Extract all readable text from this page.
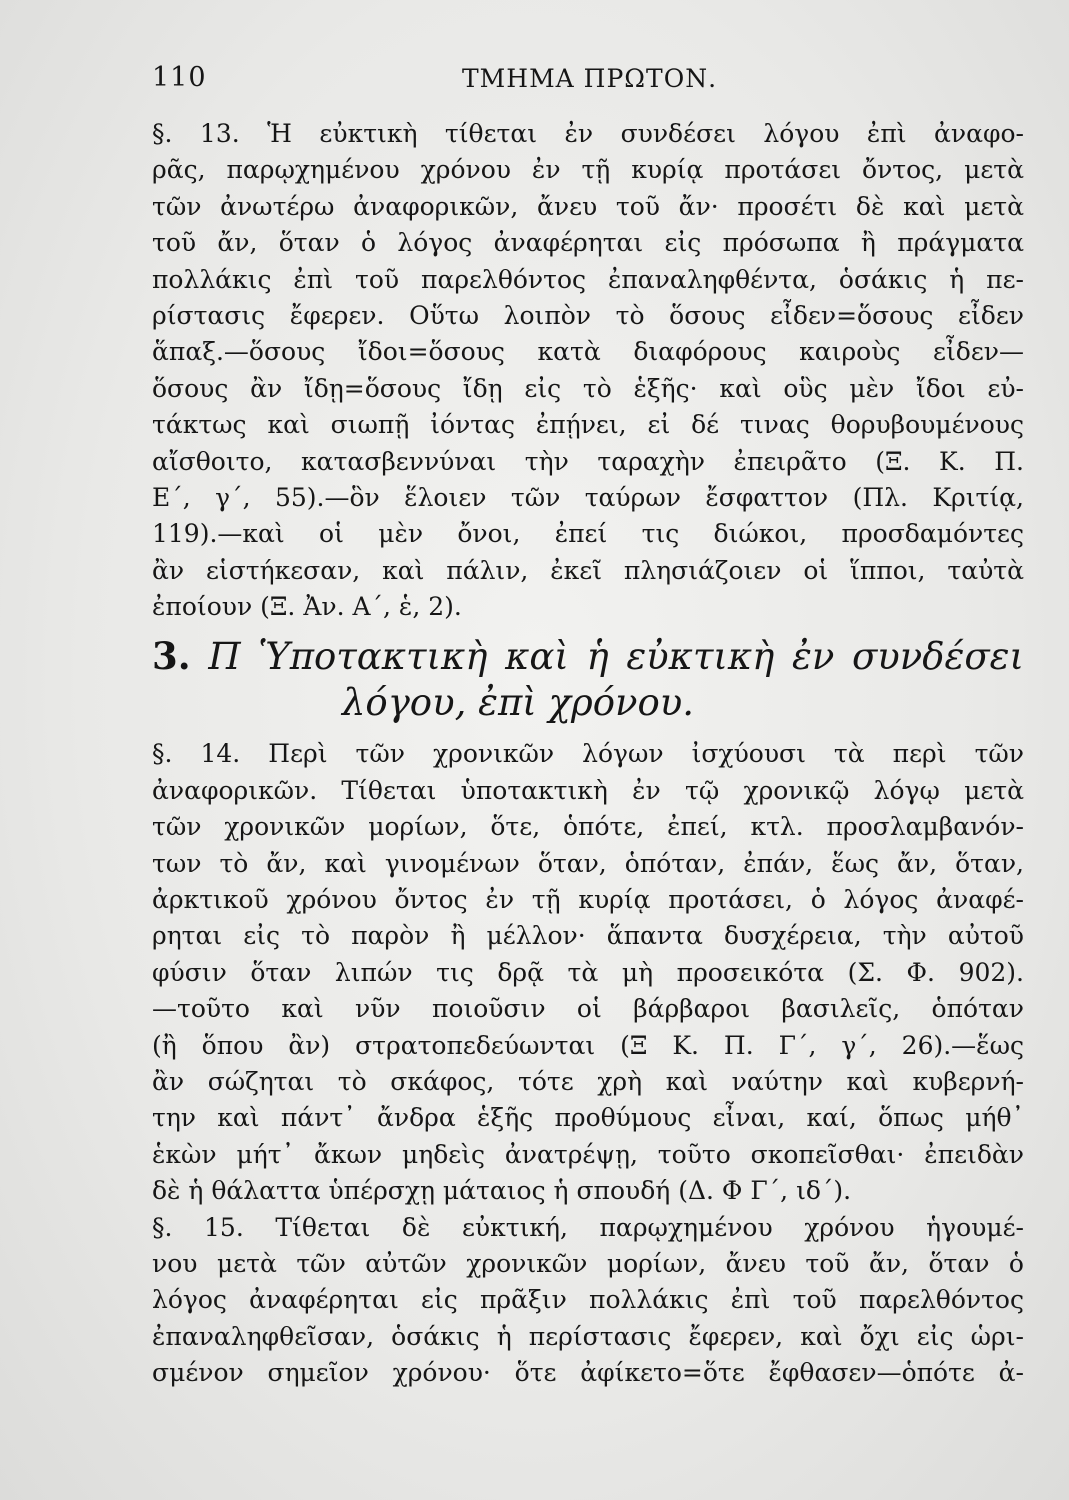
110	ΤΜΗΜΑ ΠΡΩΤΟΝ.
§. 13. Ἡ εὐκτικὴ τίθεται ἐν συνδέσει λόγου ἐπὶ ἀναφο-
ρᾶς, παρῳχημένου χρόνου ἐν τῇ κυρίᾳ προτάσει ὄντος, μετὰ
τῶν ἀνωτέρω ἀναφορικῶν, ἄνευ τοῦ ἄν· προσέτι δὲ καὶ μετὰ
τοῦ ἄν, ὅταν ὁ λόγος ἀναφέρηται εἰς πρόσωπα ἢ πράγματα
πολλάκις ἐπὶ τοῦ παρελθόντος ἐπαναληφθέντα, ὁσάκις ἡ πε-
ρίστασις ἔφερεν. Οὕτω λοιπὸν τὸ ὅσους εἶδεν=ὅσους εἶδεν
ἅπαξ.—ὅσους ἴδοι=ὅσους κατὰ διαφόρους καιροὺς εἶδεν—
ὅσους ἂν ἴδῃ=ὅσους ἴδῃ εἰς τὸ ἑξῆς· καὶ οὓς μὲν ἴδοι εὐ-
τάκτως καὶ σιωπῇ ἰόντας ἐπῄνει, εἰ δέ τινας θορυβουμένους
αἴσθοιτο, κατασβεννύναι τὴν ταραχὴν ἐπειρᾶτο (Ξ. Κ. Π.
Ε΄, γ΄, 55).—ὃν ἕλοιεν τῶν ταύρων ἔσφαττον (Πλ. Κριτίᾳ,
119).—καὶ οἱ μὲν ὄνοι, ἐπεί τις διώκοι, προσδαμόντες
ἂν εἱστήκεσαν, καὶ πάλιν, ἐκεῖ πλησιάζοιεν οἱ ἵπποι, ταὐτὰ
ἐποίουν (Ξ. Ἀν. Α΄, ἑ, 2).
3. Π Ὑποτακτικὴ καὶ ἡ εὐκτικὴ ἐν συνδέσει
λόγου, ἐπὶ χρόνου.
§. 14. Περὶ τῶν χρονικῶν λόγων ἰσχύουσι τὰ περὶ τῶν
ἀναφορικῶν. Τίθεται ὑποτακτικὴ ἐν τῷ χρονικῷ λόγῳ μετὰ
τῶν χρονικῶν μορίων, ὅτε, ὁπότε, ἐπεί, κτλ. προσλαμβανόν-
των τὸ ἄν, καὶ γινομένων ὅταν, ὁπόταν, ἐπάν, ἕως ἄν, ὅταν,
ἀρκτικοῦ χρόνου ὄντος ἐν τῇ κυρίᾳ προτάσει, ὁ λόγος ἀναφέ-
ρηται εἰς τὸ παρὸν ἢ μέλλον· ἅπαντα δυσχέρεια, τὴν αὐτοῦ
φύσιν ὅταν λιπών τις δρᾷ τὰ μὴ προσεικότα (Σ. Φ. 902).
—τοῦτο καὶ νῦν ποιοῦσιν οἱ βάρβαροι βασιλεῖς, ὁπόταν
(ἢ ὅπου ἂν) στρατοπεδεύωνται (Ξ Κ. Π. Γ΄, γ΄, 26).—ἕως
ἂν σώζηται τὸ σκάφος, τότε χρὴ καὶ ναύτην καὶ κυβερνή-
την καὶ πάντ᾽ ἄνδρα ἑξῆς προθύμους εἶναι, καί, ὅπως μήθ᾽
ἑκὼν μήτ᾽ ἄκων μηδεὶς ἀνατρέψῃ, τοῦτο σκοπεῖσθαι· ἐπειδὰν
δὲ ἡ θάλαττα ὑπέρσχῃ μάταιος ἡ σπουδή (Δ. Φ Γ΄, ιδ΄).
§. 15. Τίθεται δὲ εὐκτική, παρῳχημένου χρόνου ἡγουμέ-
νου μετὰ τῶν αὐτῶν χρονικῶν μορίων, ἄνευ τοῦ ἄν, ὅταν ὁ
λόγος ἀναφέρηται εἰς πρᾶξιν πολλάκις ἐπὶ τοῦ παρελθόντος
ἐπαναληφθεῖσαν, ὁσάκις ἡ περίστασις ἔφερεν, καὶ ὄχι εἰς ὡρι-
σμένον σημεῖον χρόνου· ὅτε ἀφίκετο=ὅτε ἔφθασεν—ὁπότε ἀ-
